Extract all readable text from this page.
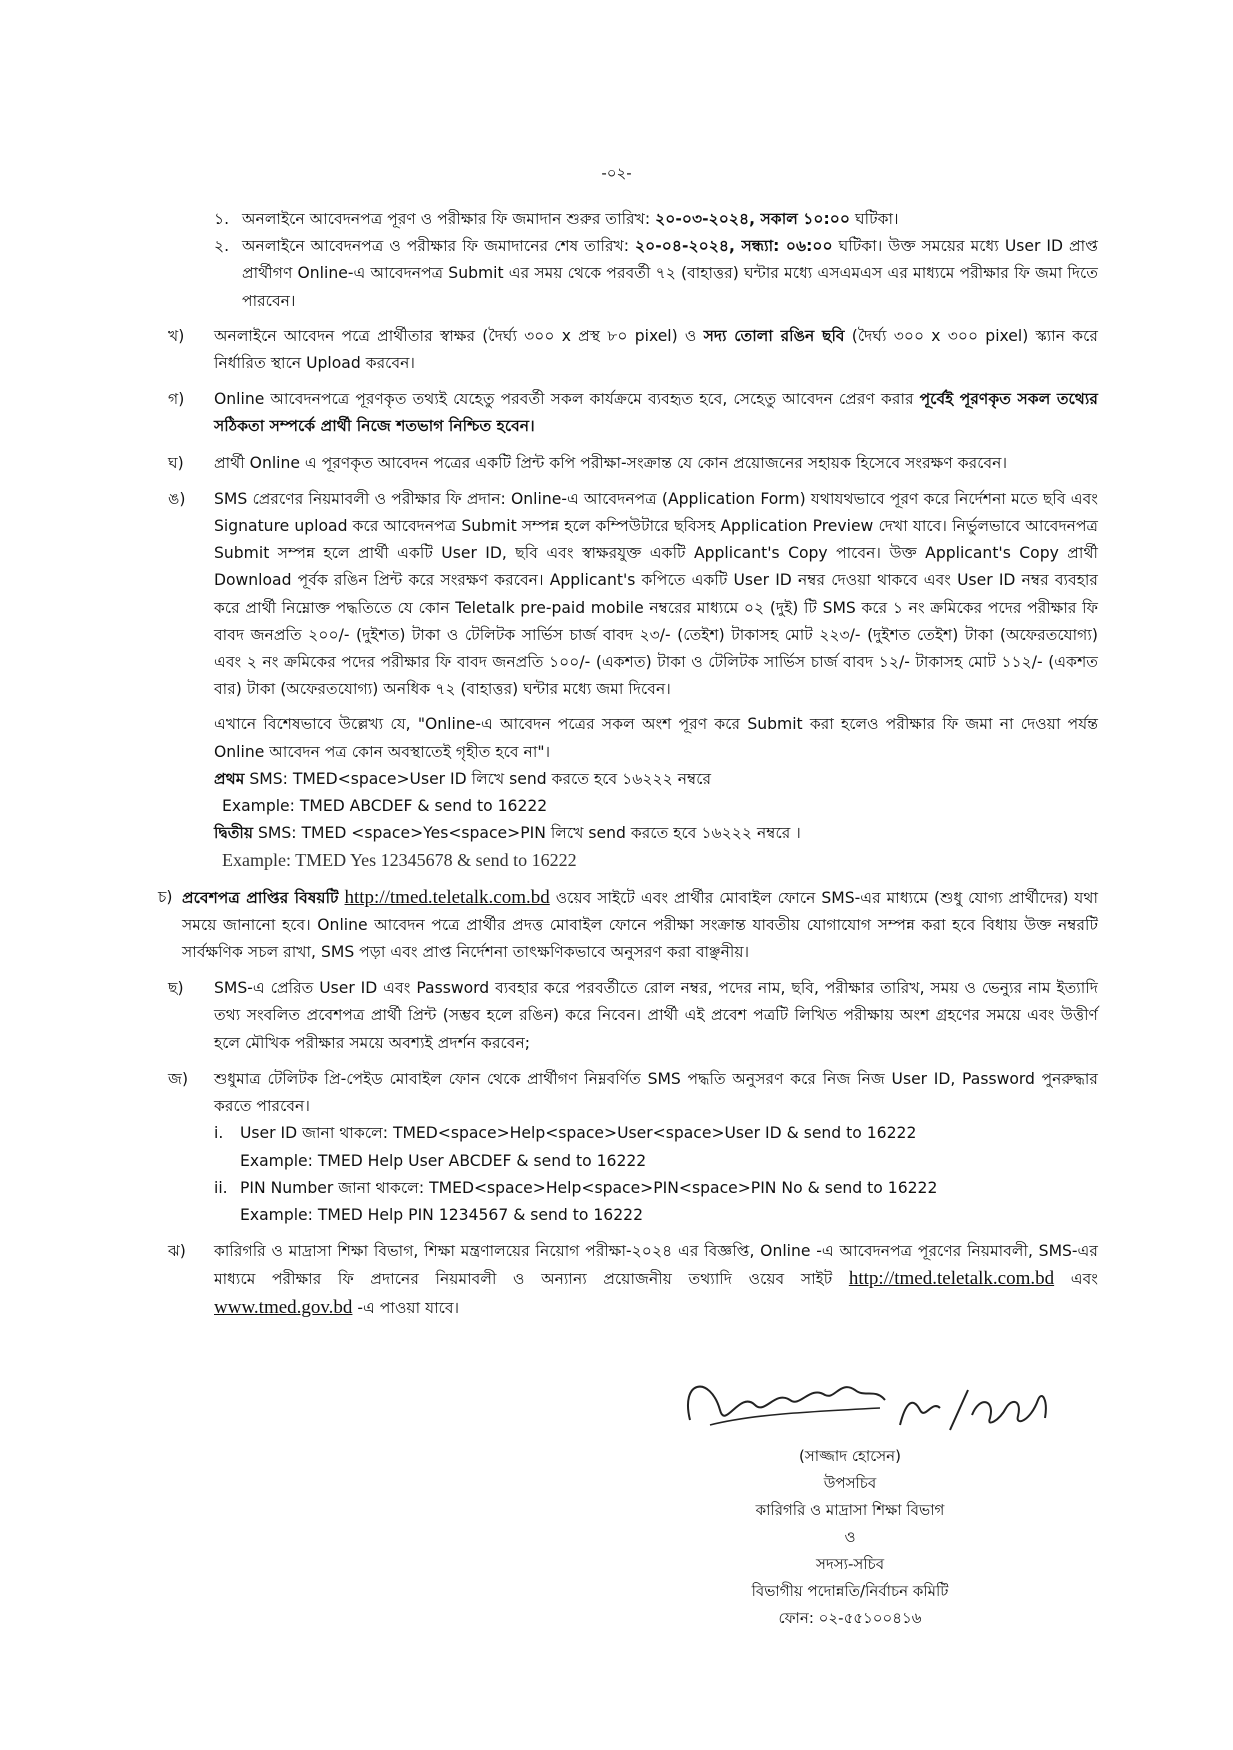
-০২-
১. অনলাইনে আবেদনপত্র পূরণ ও পরীক্ষার ফি জমাদান শুরুর তারিখ: ২০-০৩-২০২৪, সকাল ১০:০০ ঘটিকা।
২. অনলাইনে আবেদনপত্র ও পরীক্ষার ফি জমাদানের শেষ তারিখ: ২০-০৪-২০২৪, সন্ধ্যা: ০৬:০০ ঘটিকা। উক্ত সময়ের মধ্যে User ID প্রাপ্ত প্রার্থীগণ Online-এ আবেদনপত্র Submit এর সময় থেকে পরবর্তী ৭২ (বাহাত্তর) ঘন্টার মধ্যে এসএমএস এর মাধ্যমে পরীক্ষার ফি জমা দিতে পারবেন।
খ)	অনলাইনে আবেদন পত্রে প্রার্থীতার স্বাক্ষর (দৈর্ঘ্য ৩০০ x প্রস্থ ৮০ pixel) ও সদ্য তোলা রঙিন ছবি (দৈর্ঘ্য ৩০০ x ৩০০ pixel) স্ক্যান করে নির্ধারিত স্থানে Upload করবেন।
গ)	Online আবেদনপত্রে পূরণকৃত তথ্যই যেহেতু পরবর্তী সকল কার্যক্রমে ব্যবহৃত হবে, সেহেতু আবেদন প্রেরণ করার পূর্বেই পূরণকৃত সকল তথ্যের সঠিকতা সম্পর্কে প্রার্থী নিজে শতভাগ নিশ্চিত হবেন।
ঘ)	প্রার্থী Online এ পূরণকৃত আবেদন পত্রের একটি প্রিন্ট কপি পরীক্ষা-সংক্রান্ত যে কোন প্রয়োজনের সহায়ক হিসেবে সংরক্ষণ করবেন।
ঙ)	SMS প্রেরণের নিয়মাবলী ও পরীক্ষার ফি প্রদান: Online-এ আবেদনপত্র (Application Form) যথাযথভাবে পূরণ করে নির্দেশনা মতে ছবি এবং Signature upload করে আবেদনপত্র Submit সম্পন্ন হলে কম্পিউটারে ছবিসহ Application Preview দেখা যাবে। নির্ভুলভাবে আবেদনপত্র Submit সম্পন্ন হলে প্রার্থী একটি User ID, ছবি এবং স্বাক্ষরযুক্ত একটি Applicant's Copy পাবেন। উক্ত Applicant's Copy প্রার্থী Download পূর্বক রঙিন প্রিন্ট করে সংরক্ষণ করবেন। Applicant's কপিতে একটি User ID নম্বর দেওয়া থাকবে এবং User ID নম্বর ব্যবহার করে প্রার্থী নিম্নোক্ত পদ্ধতিতে যে কোন Teletalk pre-paid mobile নম্বরের মাধ্যমে ০২ (দুই) টি SMS করে ১ নং ক্রমিকের পদের পরীক্ষার ফি বাবদ জনপ্রতি ২০০/- (দুইশত) টাকা ও টেলিটক সার্ভিস চার্জ বাবদ ২৩/- (তেইশ) টাকাসহ মোট ২২৩/- (দুইশত তেইশ) টাকা (অফেরতযোগ্য) এবং ২ নং ক্রমিকের পদের পরীক্ষার ফি বাবদ জনপ্রতি ১০০/- (একশত) টাকা ও টেলিটক সার্ভিস চার্জ বাবদ ১২/- টাকাসহ মোট ১১২/- (একশত বার) টাকা (অফেরতযোগ্য) অনধিক ৭২ (বাহাত্তর) ঘন্টার মধ্যে জমা দিবেন।
এখানে বিশেষভাবে উল্লেখ্য যে, "Online-এ আবেদন পত্রের সকল অংশ পূরণ করে Submit করা হলেও পরীক্ষার ফি জমা না দেওয়া পর্যন্ত Online আবেদন পত্র কোন অবস্থাতেই গৃহীত হবে না"।
প্রথম SMS: TMED<space>User ID লিখে send করতে হবে ১৬২২২ নম্বরে
Example: TMED ABCDEF & send to 16222
দ্বিতীয় SMS: TMED <space>Yes<space>PIN লিখে send করতে হবে ১৬২২২ নম্বরে ।
Example: TMED Yes 12345678 & send to 16222
চ) প্রবেশপত্র প্রাপ্তির বিষয়টি http://tmed.teletalk.com.bd ওয়েব সাইটে এবং প্রার্থীর মোবাইল ফোনে SMS-এর মাধ্যমে (শুধু যোগ্য প্রার্থীদের) যথা সময়ে জানানো হবে। Online আবেদন পত্রে প্রার্থীর প্রদত্ত মোবাইল ফোনে পরীক্ষা সংক্রান্ত যাবতীয় যোগাযোগ সম্পন্ন করা হবে বিধায় উক্ত নম্বরটি সার্বক্ষণিক সচল রাখা, SMS পড়া এবং প্রাপ্ত নির্দেশনা তাৎক্ষণিকভাবে অনুসরণ করা বাঞ্ছনীয়।
ছ)	SMS-এ প্রেরিত User ID এবং Password ব্যবহার করে পরবর্তীতে রোল নম্বর, পদের নাম, ছবি, পরীক্ষার তারিখ, সময় ও ভেন্যুর নাম ইত্যাদি তথ্য সংবলিত প্রবেশপত্র প্রার্থী প্রিন্ট (সম্ভব হলে রঙিন) করে নিবেন। প্রার্থী এই প্রবেশ পত্রটি লিখিত পরীক্ষায় অংশ গ্রহণের সময়ে এবং উত্তীর্ণ হলে মৌখিক পরীক্ষার সময়ে অবশ্যই প্রদর্শন করবেন;
জ)	শুধুমাত্র টেলিটক প্রি-পেইড মোবাইল ফোন থেকে প্রার্থীগণ নিম্নবর্ণিত SMS পদ্ধতি অনুসরণ করে নিজ নিজ User ID, Password পুনরুদ্ধার করতে পারবেন।
i.	User ID জানা থাকলে: TMED<space>Help<space>User<space>User ID & send to 16222
Example: TMED Help User ABCDEF & send to 16222
ii. PIN Number জানা থাকলে: TMED<space>Help<space>PIN<space>PIN No & send to 16222
Example: TMED Help PIN 1234567 & send to 16222
ঝ)	কারিগরি ও মাদ্রাসা শিক্ষা বিভাগ, শিক্ষা মন্ত্রণালয়ের নিয়োগ পরীক্ষা-২০২৪ এর বিজ্ঞপ্তি, Online -এ আবেদনপত্র পূরণের নিয়মাবলী, SMS-এর মাধ্যমে পরীক্ষার ফি প্রদানের নিয়মাবলী ও অন্যান্য প্রয়োজনীয় তথ্যাদি ওয়েব সাইট http://tmed.teletalk.com.bd এবং www.tmed.gov.bd -এ পাওয়া যাবে।
(সাজ্জাদ হোসেন)
উপসচিব
কারিগরি ও মাদ্রাসা শিক্ষা বিভাগ
ও
সদস্য-সচিব
বিভাগীয় পদোন্নতি/নির্বাচন কমিটি
ফোন: ০২-৫৫১০০৪১৬
